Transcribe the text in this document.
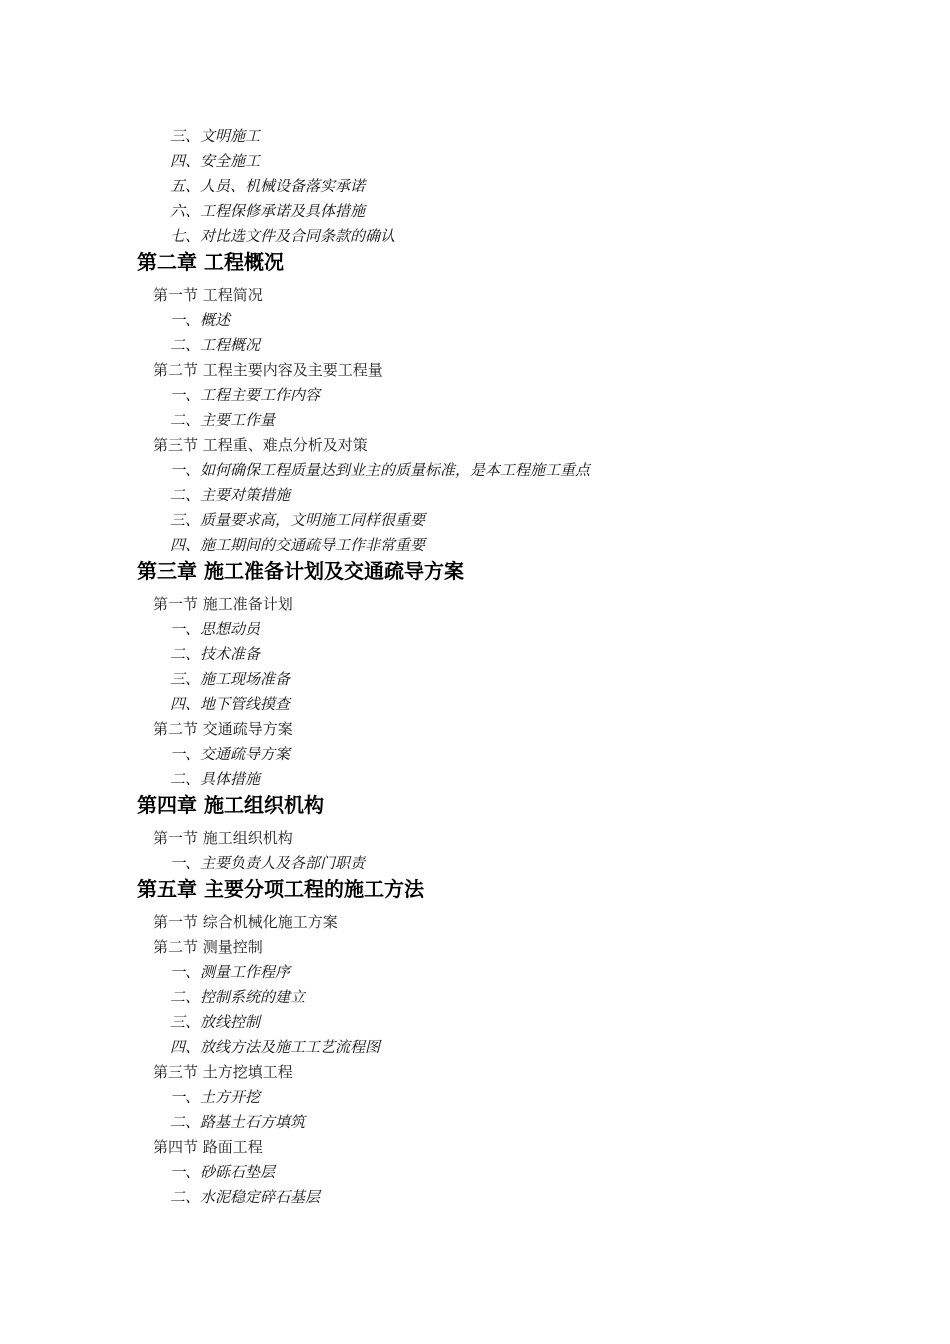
三、文明施工
四、安全施工
五、人员、机械设备落实承诺
六、工程保修承诺及具体措施
七、对比选文件及合同条款的确认
第二章 工程概况
第一节 工程简况
一、概述
二、工程概况
第二节 工程主要内容及主要工程量
一、工程主要工作内容
二、主要工作量
第三节 工程重、难点分析及对策
一、如何确保工程质量达到业主的质量标准，是本工程施工重点
二、主要对策措施
三、质量要求高，文明施工同样很重要
四、施工期间的交通疏导工作非常重要
第三章 施工准备计划及交通疏导方案
第一节 施工准备计划
一、思想动员
二、技术准备
三、施工现场准备
四、地下管线摸查
第二节 交通疏导方案
一、交通疏导方案
二、具体措施
第四章 施工组织机构
第一节 施工组织机构
一、主要负责人及各部门职责
第五章 主要分项工程的施工方法
第一节 综合机械化施工方案
第二节 测量控制
一、测量工作程序
二、控制系统的建立
三、放线控制
四、放线方法及施工工艺流程图
第三节 土方挖填工程
一、土方开挖
二、路基土石方填筑
第四节 路面工程
一、砂砾石垫层
二、水泥稳定碎石基层
